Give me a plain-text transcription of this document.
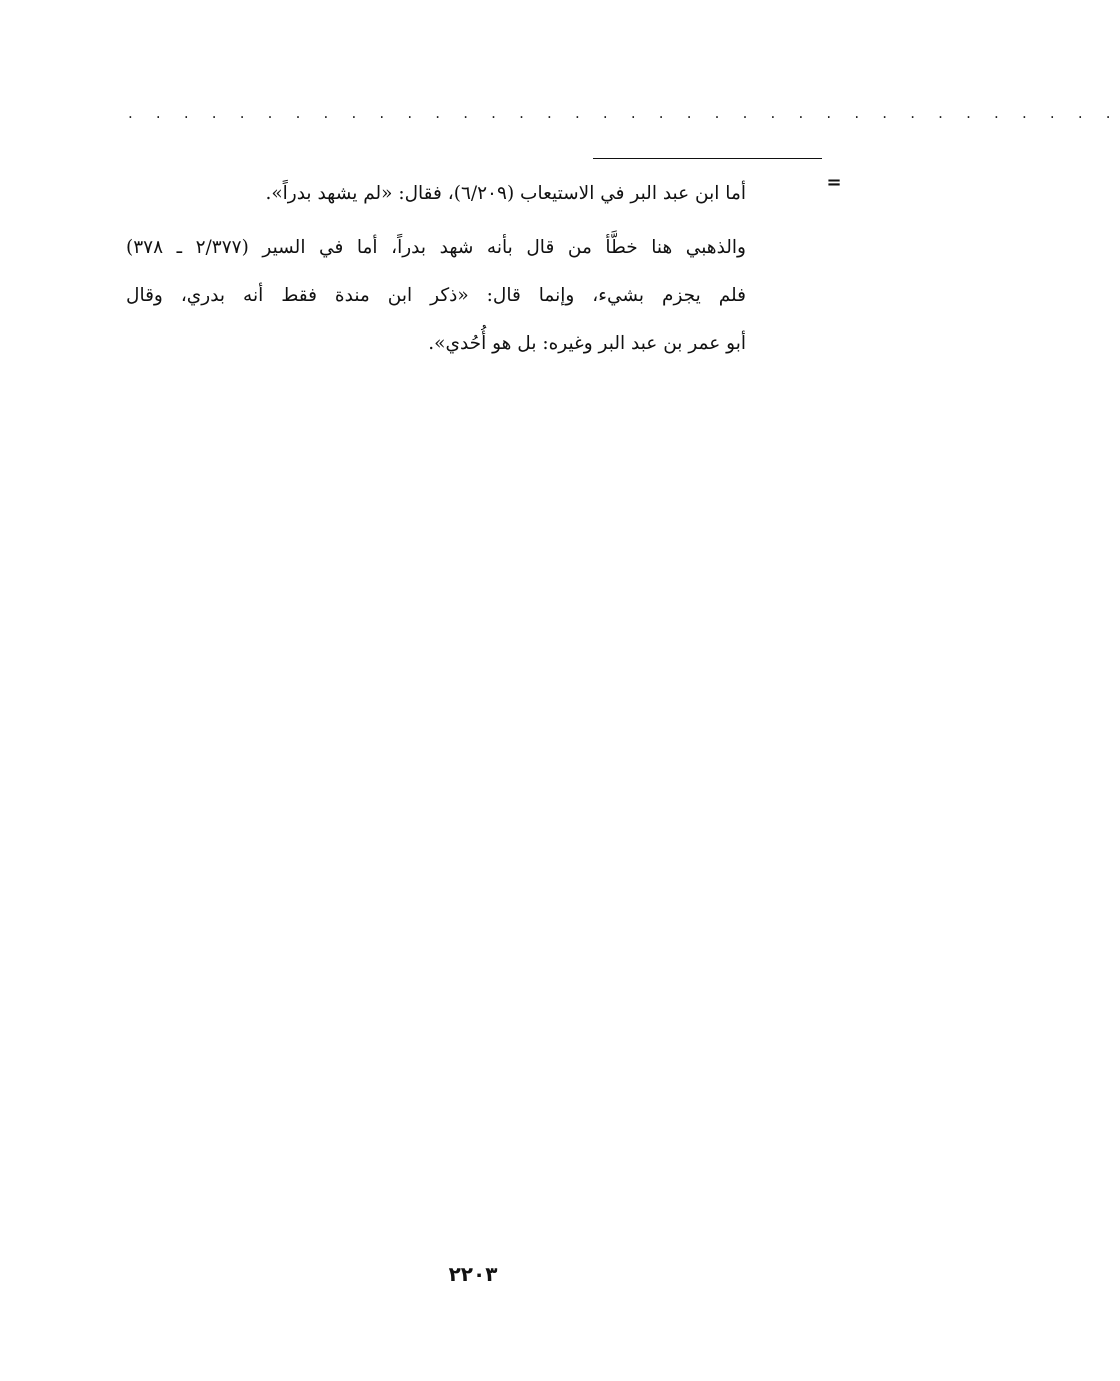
. . . . . . . . . . . . . . . . . . . . . . . . . . . . . . . . . . . .
=
أما ابن عبد البر في الاستيعاب (٦/٢٠٩)، فقال: «لم يشهد بدراً».
والذهبي هنا خطَّأ من قال بأنه شهد بدراً، أما في السير (٢/٣٧٧ ـ ٣٧٨)
فلم يجزم بشيء، وإنما قال: «ذكر ابن مندة فقط أنه بدري، وقال
أبو عمر بن عبد البر وغيره: بل هو أُحُدي».
٢٢٠٣
